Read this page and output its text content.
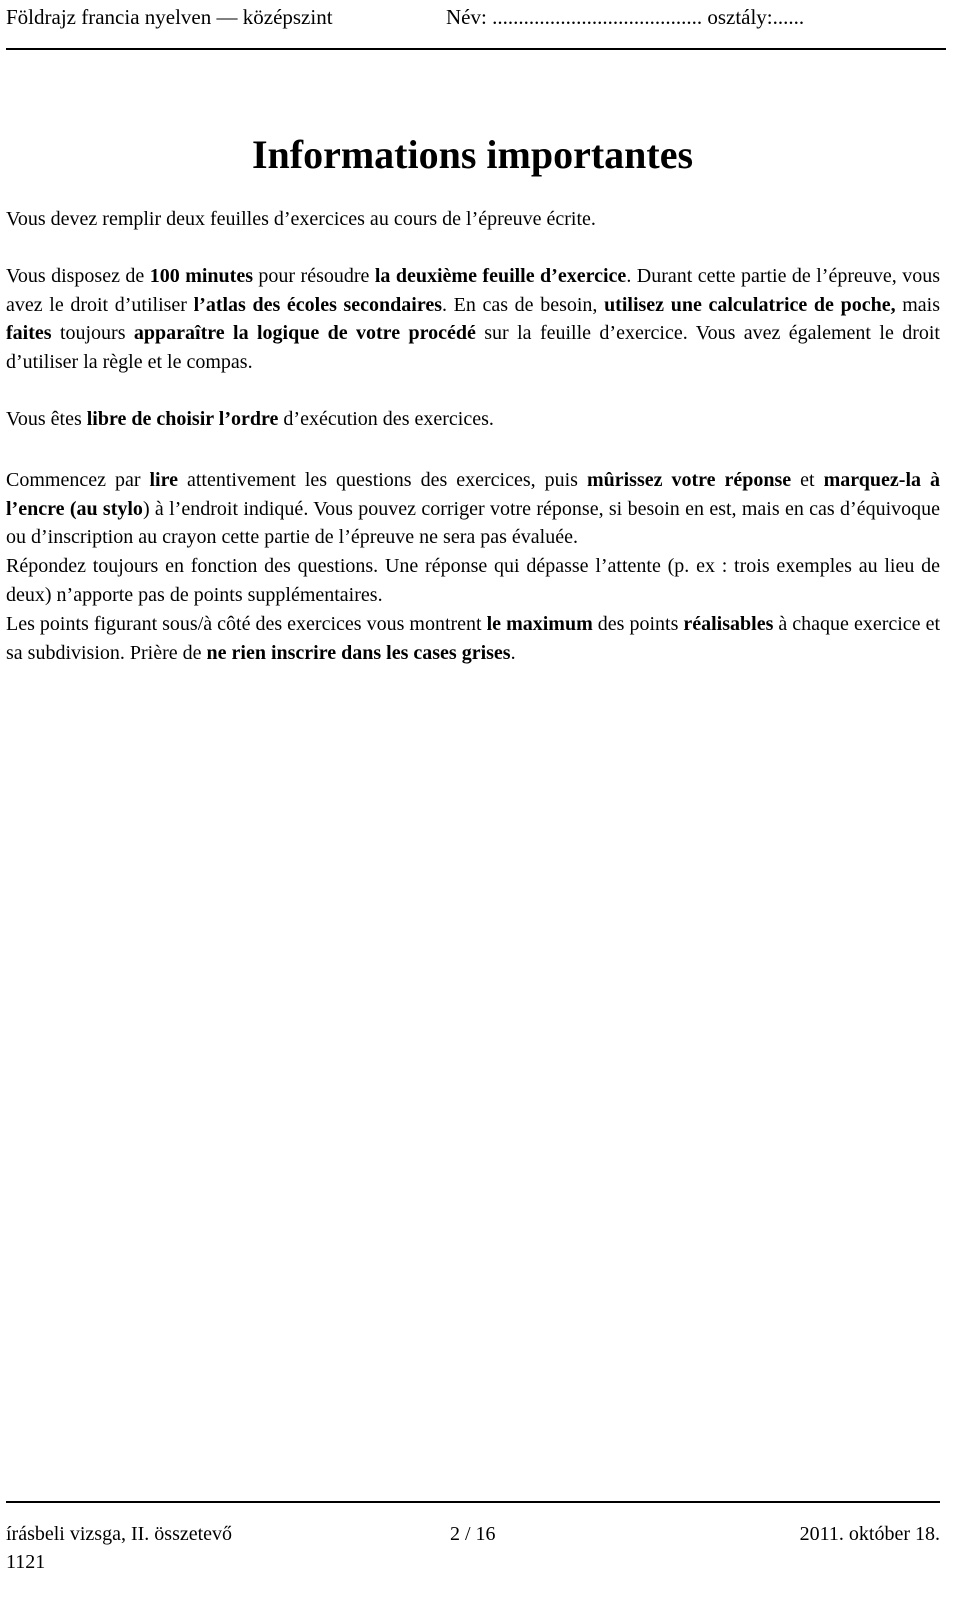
Földrajz francia nyelven — középszint	Név: ........................................ osztály:......
Informations importantes

Vous devez remplir deux feuilles d’exercices au cours de l’épreuve écrite.

Vous disposez de 100 minutes pour résoudre la deuxième feuille d’exercice. Durant cette partie de l’épreuve, vous avez le droit d’utiliser l’atlas des écoles secondaires. En cas de besoin, utilisez une calculatrice de poche, mais faites toujours apparaître la logique de votre procédé sur la feuille d’exercice. Vous avez également le droit d’utiliser la règle et le compas.

Vous êtes libre de choisir l’ordre d’exécution des exercices.

Commencez par lire attentivement les questions des exercices, puis mûrissez votre réponse et marquez-la à l’encre (au stylo) à l’endroit indiqué. Vous pouvez corriger votre réponse, si besoin en est, mais en cas d’équivoque ou d’inscription au crayon cette partie de l’épreuve ne sera pas évaluée.

Répondez toujours en fonction des questions. Une réponse qui dépasse l’attente (p. ex : trois exemples au lieu de deux) n’apporte pas de points supplémentaires.

Les points figurant sous/à côté des exercices vous montrent le maximum des points réalisables à chaque exercice et sa subdivision. Prière de ne rien inscrire dans les cases grises.

írásbeli vizsga, II. összetevő	2 / 16	2011. október 18.
1121
